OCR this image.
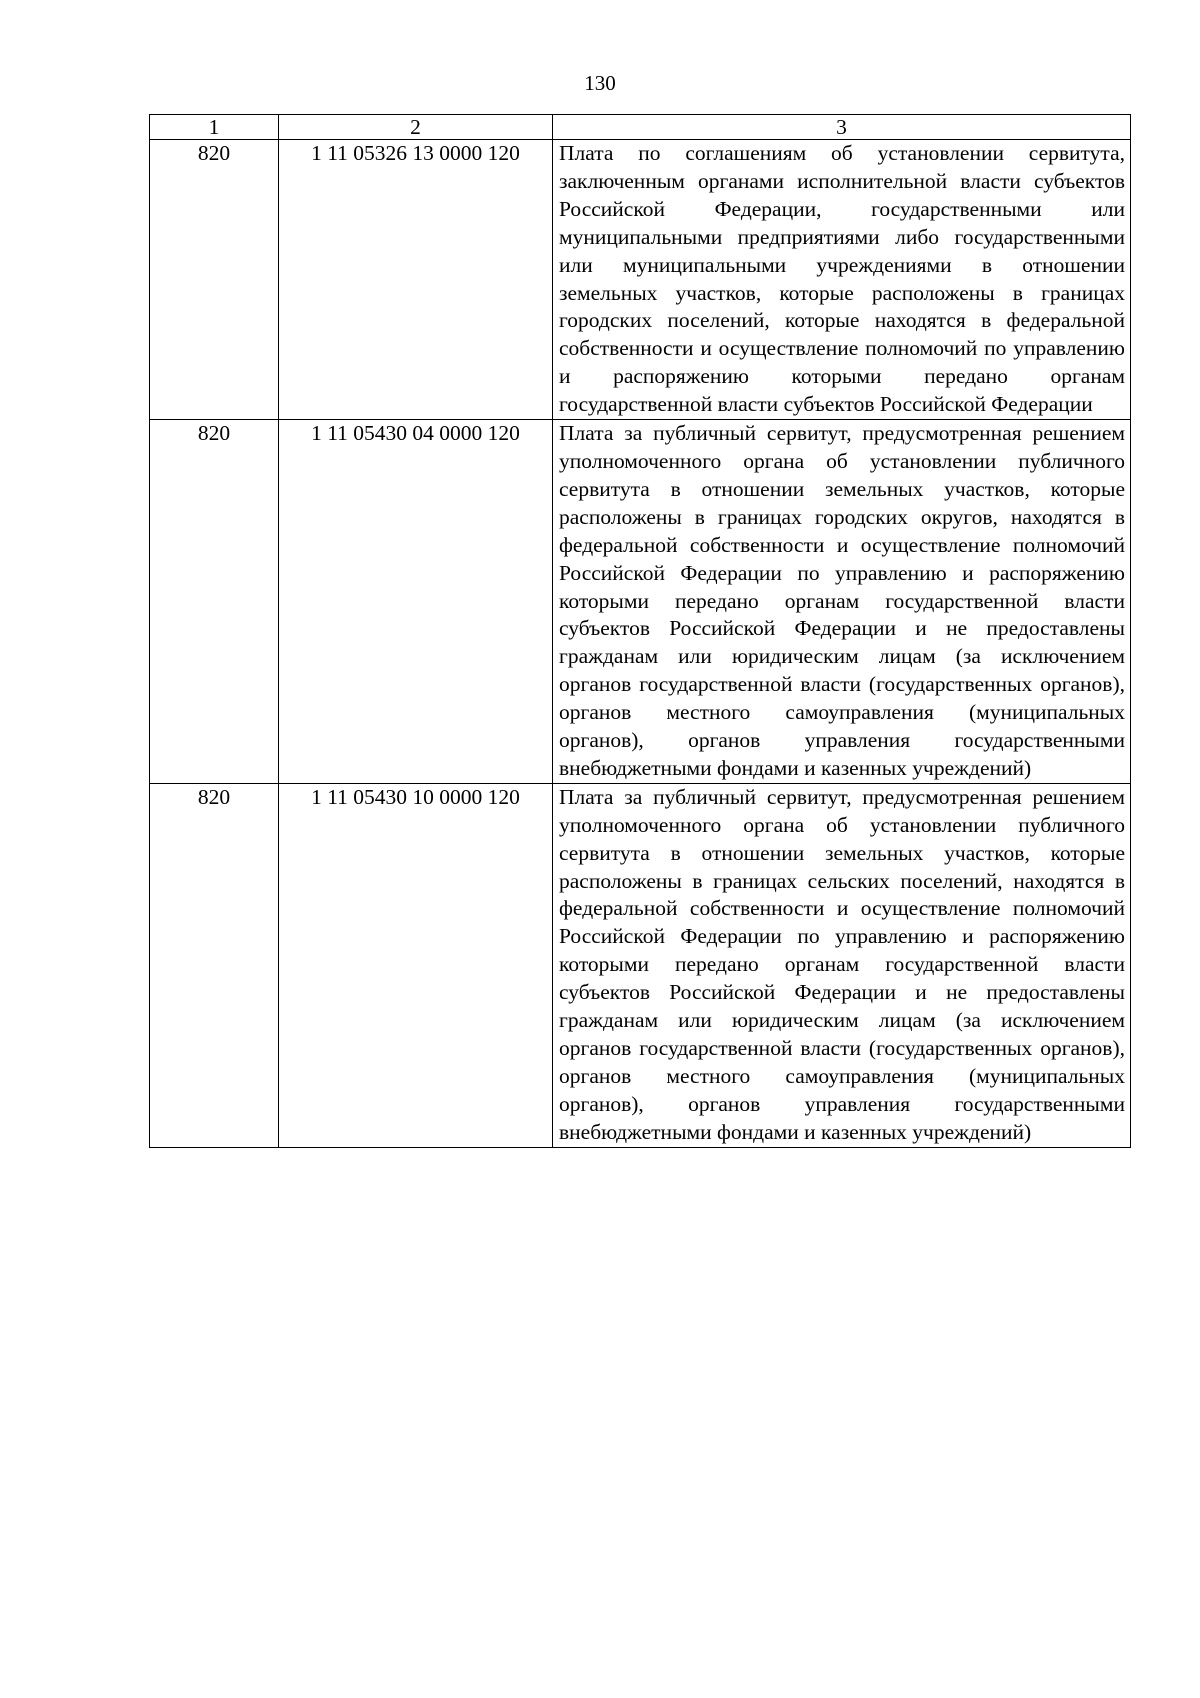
130
1	2	3
820	1 11 05326 13 0000 120	Плата по соглашениям об установлении сервитута, заключенным органами исполнительной власти субъектов Российской Федерации, государственными или муниципальными предприятиями либо государственными или муниципальными учреждениями в отношении земельных участков, которые расположены в границах городских поселений, которые находятся в федеральной собственности и осуществление полномочий по управлению и распоряжению которыми передано органам государственной власти субъектов Российской Федерации
820	1 11 05430 04 0000 120	Плата за публичный сервитут, предусмотренная решением уполномоченного органа об установлении публичного сервитута в отношении земельных участков, которые расположены в границах городских округов, находятся в федеральной собственности и осуществление полномочий Российской Федерации по управлению и распоряжению которыми передано органам государственной власти субъектов Российской Федерации и не предоставлены гражданам или юридическим лицам (за исключением органов государственной власти (государственных органов), органов местного самоуправления (муниципальных органов), органов управления государственными внебюджетными фондами и казенных учреждений)
820	1 11 05430 10 0000 120	Плата за публичный сервитут, предусмотренная решением уполномоченного органа об установлении публичного сервитута в отношении земельных участков, которые расположены в границах сельских поселений, находятся в федеральной собственности и осуществление полномочий Российской Федерации по управлению и распоряжению которыми передано органам государственной власти субъектов Российской Федерации и не предоставлены гражданам или юридическим лицам (за исключением органов государственной власти (государственных органов), органов местного самоуправления (муниципальных органов), органов управления государственными внебюджетными фондами и казенных учреждений)
